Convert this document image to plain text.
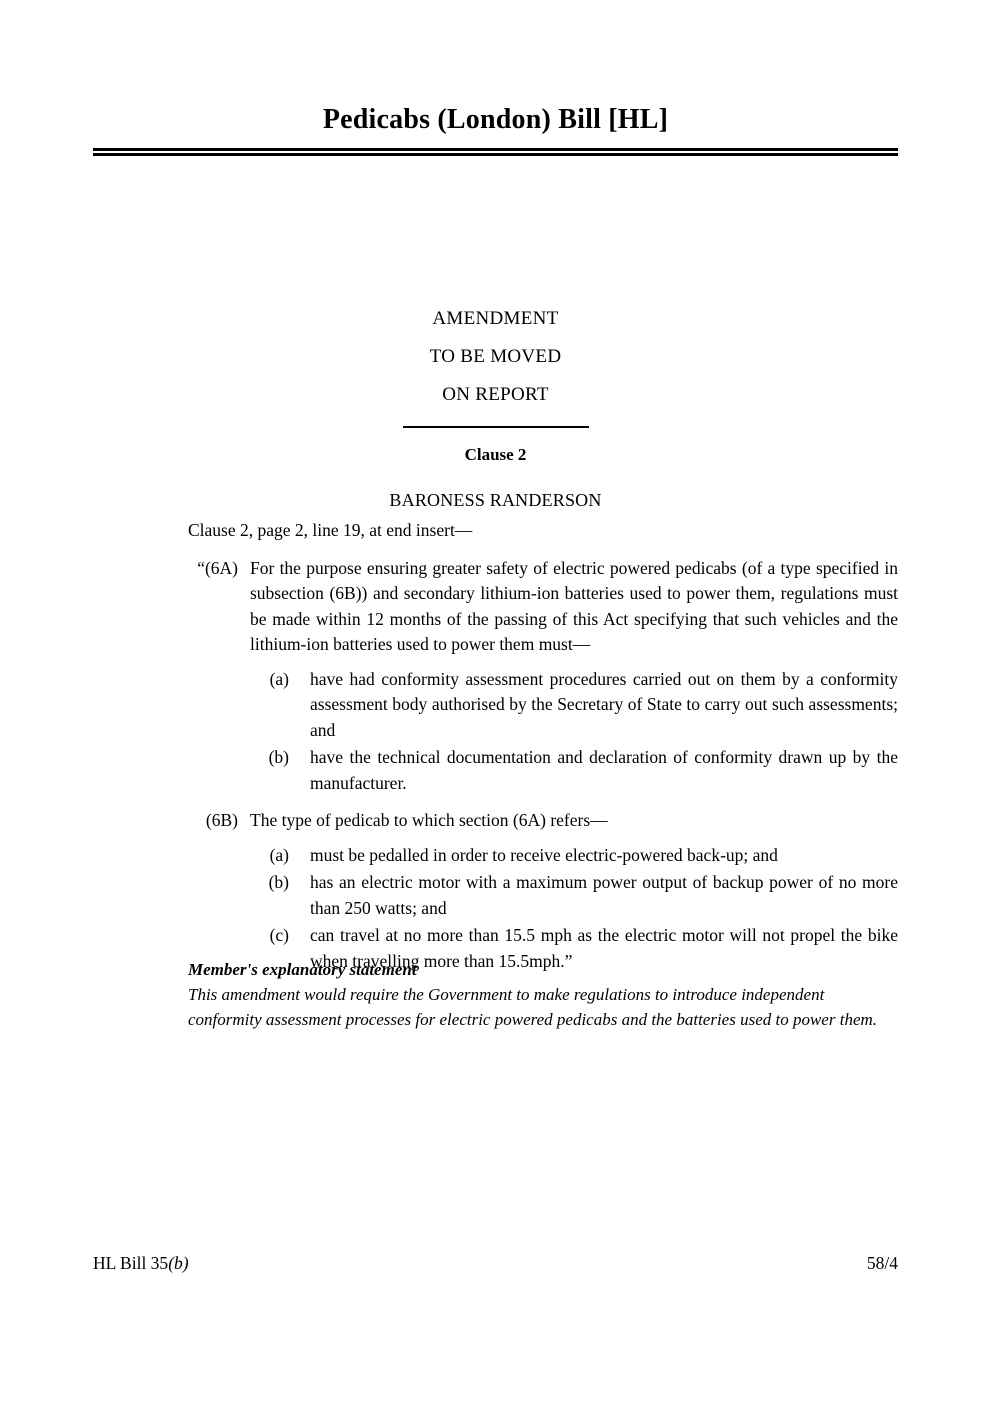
Pedicabs (London) Bill [HL]
AMENDMENT
TO BE MOVED
ON REPORT
Clause 2
BARONESS RANDERSON
Clause 2, page 2, line 19, at end insert—
“(6A) For the purpose ensuring greater safety of electric powered pedicabs (of a type specified in subsection (6B)) and secondary lithium-ion batteries used to power them, regulations must be made within 12 months of the passing of this Act specifying that such vehicles and the lithium-ion batteries used to power them must—
(a) have had conformity assessment procedures carried out on them by a conformity assessment body authorised by the Secretary of State to carry out such assessments; and
(b) have the technical documentation and declaration of conformity drawn up by the manufacturer.
(6B) The type of pedicab to which section (6A) refers—
(a) must be pedalled in order to receive electric-powered back-up; and
(b) has an electric motor with a maximum power output of backup power of no more than 250 watts; and
(c) can travel at no more than 15.5 mph as the electric motor will not propel the bike when travelling more than 15.5mph.”
Member's explanatory statement
This amendment would require the Government to make regulations to introduce independent conformity assessment processes for electric powered pedicabs and the batteries used to power them.
HL Bill 35(b)	58/4
